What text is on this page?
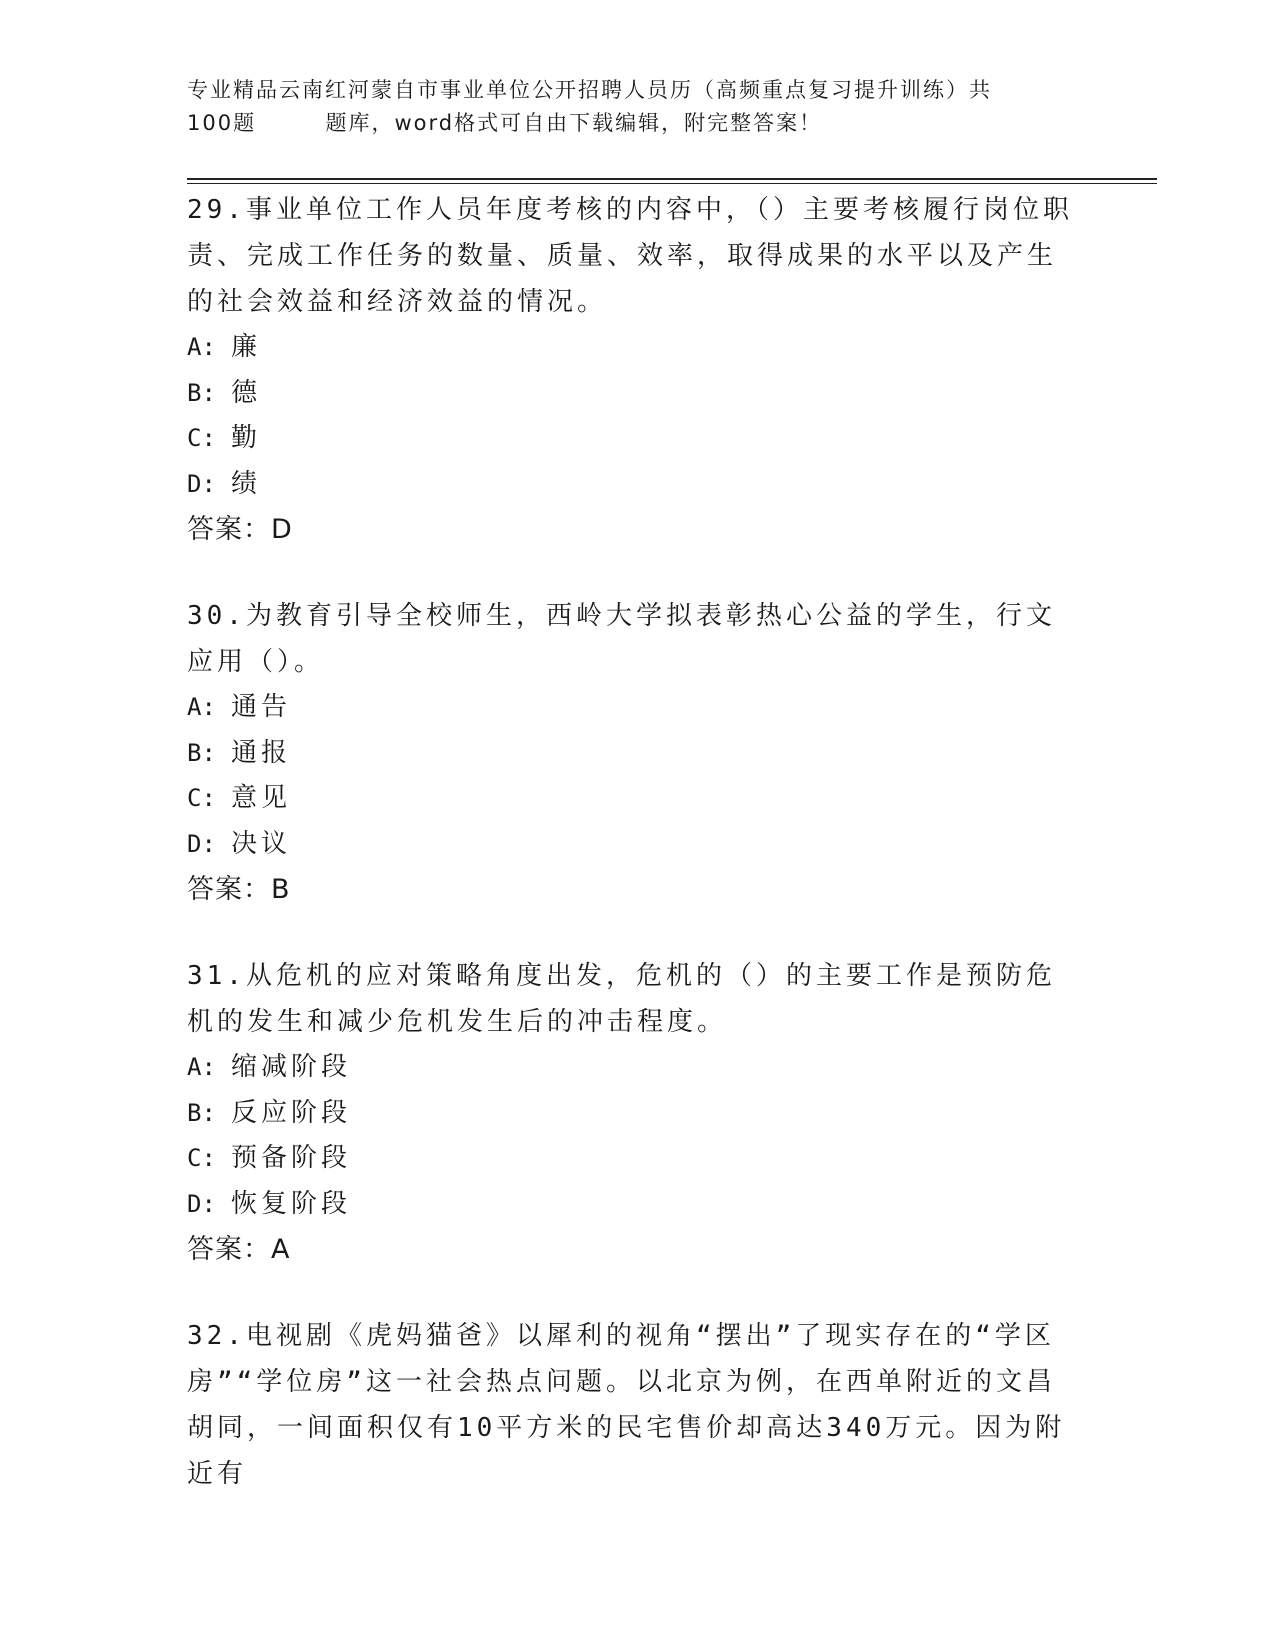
专业精品云南红河蒙自市事业单位公开招聘人员历（高频重点复习提升训练）共

100题        题库，word格式可自由下载编辑，附完整答案！

29.事业单位工作人员年度考核的内容中，（）主要考核履行岗位职责、完成工作任务的数量、质量、效率，取得成果的水平以及产生的社会效益和经济效益的情况。

A: 廉

B: 德

C: 勤

D: 绩

答案：D

30.为教育引导全校师生，西岭大学拟表彰热心公益的学生，行文应用（）。

A: 通告

B: 通报

C: 意见

D: 决议

答案：B

31.从危机的应对策略角度出发，危机的（）的主要工作是预防危机的发生和减少危机发生后的冲击程度。

A: 缩减阶段

B: 反应阶段

C: 预备阶段

D: 恢复阶段

答案：A

32.电视剧《虎妈猫爸》以犀利的视角“摆出”了现实存在的“学区房”“学位房”这一社会热点问题。以北京为例，在西单附近的文昌胡同，一间面积仅有10平方米的民宅售价却高达340万元。因为附近有
